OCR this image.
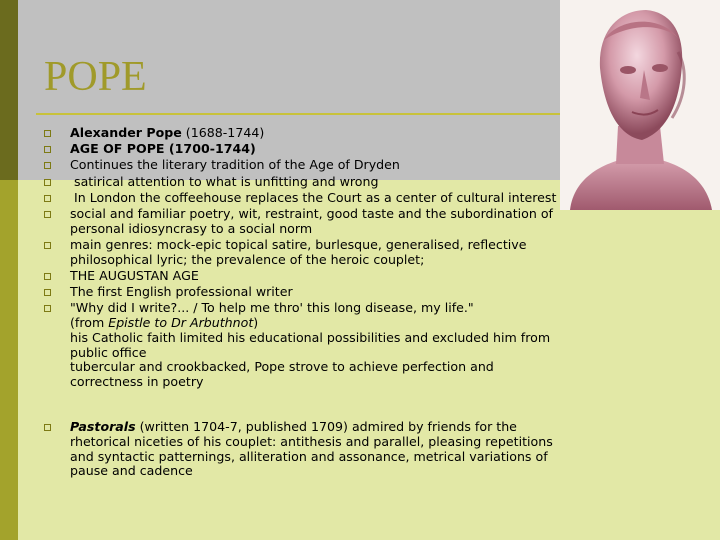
POPE
Alexander Pope (1688-1744)
AGE OF POPE (1700-1744)
Continues the literary tradition of the Age of Dryden
satirical attention to what is unfitting and wrong
In London the coffeehouse replaces the Court as a center of cultural interest
social and familiar poetry, wit, restraint, good taste and the subordination of personal idiosyncrasy to a social norm
main genres: mock-epic topical satire, burlesque, generalised, reflective philosophical lyric; the prevalence of the heroic couplet;
THE AUGUSTAN AGE
The first English professional writer
"Why did I write?... / To help me thro' this long disease, my life."
(from Epistle to Dr Arbuthnot)
his Catholic faith limited his educational possibilities and excluded him from public office
tubercular and crookbacked, Pope strove to achieve perfection and correctness in poetry
Pastorals (written 1704-7, published 1709) admired by friends for the rhetorical niceties of his couplet: antithesis and parallel, pleasing repetitions and syntactic patternings, alliteration and assonance, metrical variations of pause and cadence
